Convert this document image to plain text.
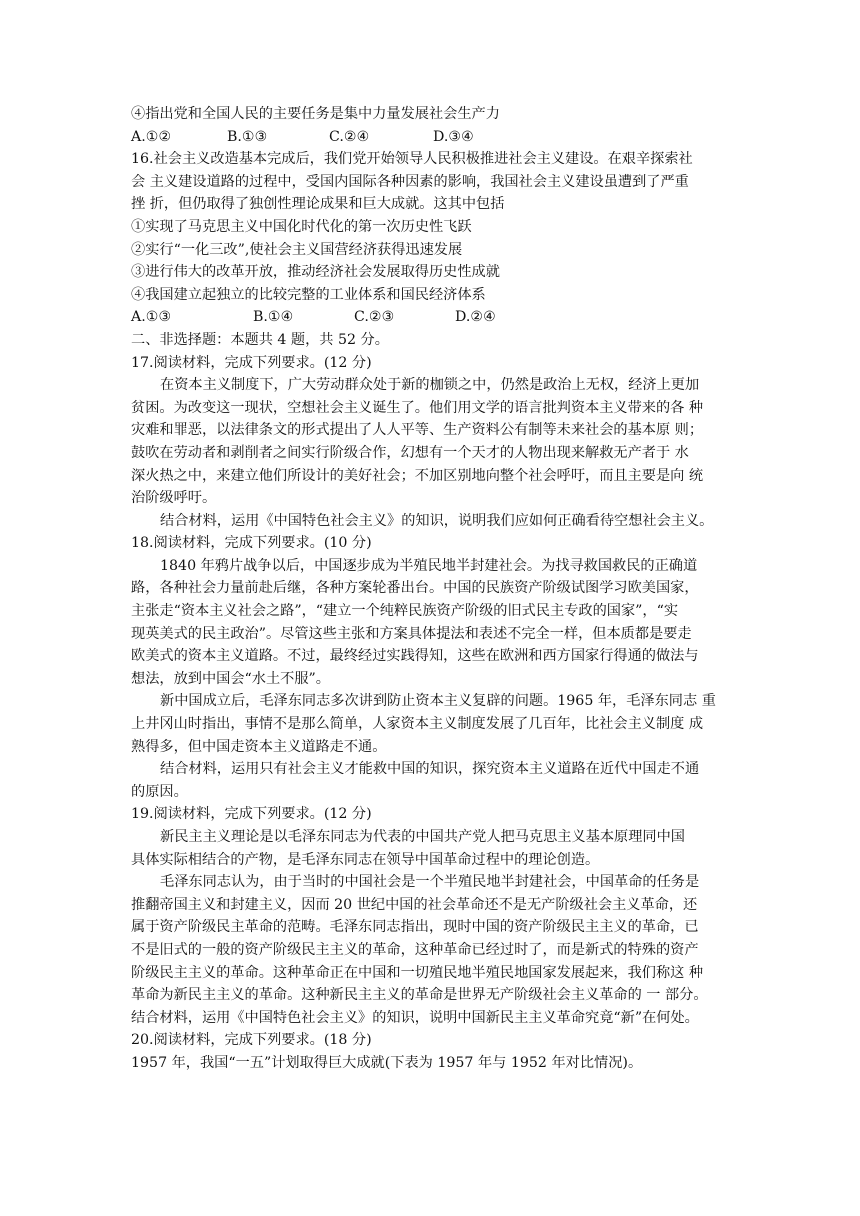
④指出党和全国人民的主要任务是集中力量发展社会生产力
A.①②	B.①③	C.②④	D.③④
16.社会主义改造基本完成后，我们党开始领导人民积极推进社会主义建设。在艰辛探索社
会 主义建设道路的过程中，受国内国际各种因素的影响，我国社会主义建设虽遭到了严重
挫 折，但仍取得了独创性理论成果和巨大成就。这其中包括
①实现了马克思主义中国化时代化的第一次历史性飞跃
②实行“一化三改”,使社会主义国营经济获得迅速发展
③进行伟大的改革开放，推动经济社会发展取得历史性成就
④我国建立起独立的比较完整的工业体系和国民经济体系
A.①③	B.①④	C.②③	D.②④
二、非选择题：本题共 4 题，共 52 分。
17.阅读材料，完成下列要求。(12 分)
在资本主义制度下，广大劳动群众处于新的枷锁之中，仍然是政治上无权，经济上更加
贫困。为改变这一现状，空想社会主义诞生了。他们用文学的语言批判资本主义带来的各 种
灾难和罪恶，以法律条文的形式提出了人人平等、生产资料公有制等未来社会的基本原 则；
鼓吹在劳动者和剥削者之间实行阶级合作，幻想有一个天才的人物出现来解救无产者于 水
深火热之中，来建立他们所设计的美好社会；不加区别地向整个社会呼吁，而且主要是向 统
治阶级呼吁。
结合材料，运用《中国特色社会主义》的知识，说明我们应如何正确看待空想社会主义。
18.阅读材料，完成下列要求。(10 分)
1840 年鸦片战争以后，中国逐步成为半殖民地半封建社会。为找寻救国救民的正确道
路，各种社会力量前赴后继，各种方案轮番出台。中国的民族资产阶级试图学习欧美国家，
主张走“资本主义社会之路”，“建立一个纯粹民族资产阶级的旧式民主专政的国家”，“实
现英美式的民主政治”。尽管这些主张和方案具体提法和表述不完全一样，但本质都是要走
欧美式的资本主义道路。不过，最终经过实践得知，这些在欧洲和西方国家行得通的做法与
想法，放到中国会“水土不服”。
新中国成立后，毛泽东同志多次讲到防止资本主义复辟的问题。1965 年，毛泽东同志 重
上井冈山时指出，事情不是那么简单，人家资本主义制度发展了几百年，比社会主义制度 成
熟得多，但中国走资本主义道路走不通。
结合材料，运用只有社会主义才能救中国的知识，探究资本主义道路在近代中国走不通
的原因。
19.阅读材料，完成下列要求。(12 分)
新民主主义理论是以毛泽东同志为代表的中国共产党人把马克思主义基本原理同中国
具体实际相结合的产物，是毛泽东同志在领导中国革命过程中的理论创造。
毛泽东同志认为，由于当时的中国社会是一个半殖民地半封建社会，中国革命的任务是
推翻帝国主义和封建主义，因而 20 世纪中国的社会革命还不是无产阶级社会主义革命，还
属于资产阶级民主革命的范畴。毛泽东同志指出，现时中国的资产阶级民主主义的革命，已
不是旧式的一般的资产阶级民主主义的革命，这种革命已经过时了，而是新式的特殊的资产
阶级民主主义的革命。这种革命正在中国和一切殖民地半殖民地国家发展起来，我们称这 种
革命为新民主主义的革命。这种新民主主义的革命是世界无产阶级社会主义革命的 一 部分。
结合材料，运用《中国特色社会主义》的知识，说明中国新民主主义革命究竟“新”在何处。
20.阅读材料，完成下列要求。(18 分)
1957 年，我国“一五”计划取得巨大成就(下表为 1957 年与 1952 年对比情况)。
